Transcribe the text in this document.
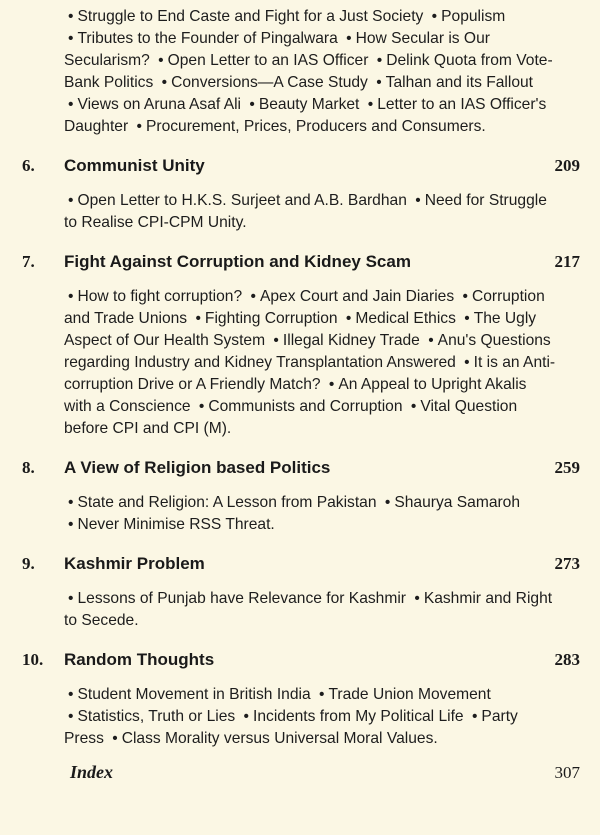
• Struggle to End Caste and Fight for a Just Society • Populism • Tributes to the Founder of Pingalwara • How Secular is Our Secularism? • Open Letter to an IAS Officer • Delink Quota from Vote-Bank Politics • Conversions—A Case Study • Talhan and its Fallout • Views on Aruna Asaf Ali • Beauty Market • Letter to an IAS Officer's Daughter • Procurement, Prices, Producers and Consumers.

6.	Communist Unity	209

• Open Letter to H.K.S. Surjeet and A.B. Bardhan • Need for Struggle to Realise CPI-CPM Unity.

7.	Fight Against Corruption and Kidney Scam	217

• How to fight corruption? • Apex Court and Jain Diaries • Corruption and Trade Unions • Fighting Corruption • Medical Ethics • The Ugly Aspect of Our Health System • Illegal Kidney Trade • Anu's Questions regarding Industry and Kidney Transplantation Answered • It is an Anti-corruption Drive or A Friendly Match? • An Appeal to Upright Akalis with a Conscience • Communists and Corruption • Vital Question before CPI and CPI (M).

8.	A View of Religion based Politics	259

• State and Religion: A Lesson from Pakistan • Shaurya Samaroh • Never Minimise RSS Threat.

9.	Kashmir Problem	273

• Lessons of Punjab have Relevance for Kashmir • Kashmir and Right to Secede.

10.	Random Thoughts	283

• Student Movement in British India • Trade Union Movement • Statistics, Truth or Lies • Incidents from My Political Life • Party Press • Class Morality versus Universal Moral Values.

Index	307
